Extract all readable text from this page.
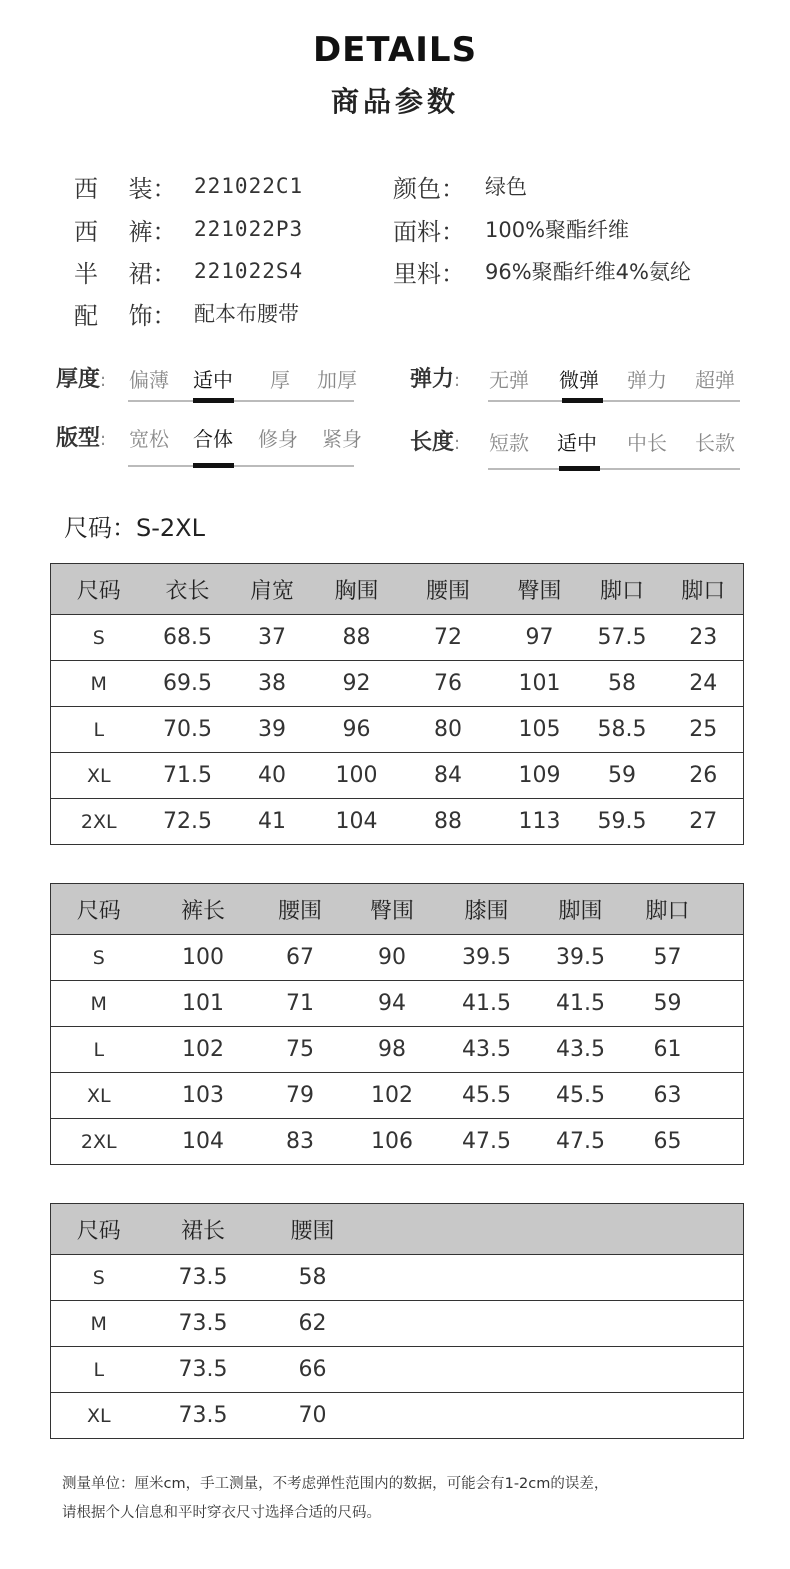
DETAILS
商品参数
西    装： 221022C1
西    裤： 221022P3
半    裙： 221022S4
配    饰： 配本布腰带
颜色： 绿色
面料： 100%聚酯纤维
里料： 96%聚酯纤维4%氨纶
厚度: 偏薄 适中 厚 加厚
版型: 宽松 合体 修身 紧身
弹力: 无弹 微弹 弹力 超弹
长度: 短款 适中 中长 长款
尺码：S-2XL
尺码	衣长	肩宽	胸围	腰围	臀围	脚口	脚口
S	68.5	37	88	72	97	57.5	23
M	69.5	38	92	76	101	58	24
L	70.5	39	96	80	105	58.5	25
XL	71.5	40	100	84	109	59	26
2XL	72.5	41	104	88	113	59.5	27
尺码	裤长	腰围	臀围	膝围	脚围	脚口	
S	100	67	90	39.5	39.5	57	
M	101	71	94	41.5	41.5	59	
L	102	75	98	43.5	43.5	61	
XL	103	79	102	45.5	45.5	63	
2XL	104	83	106	47.5	47.5	65	
尺码	裙长	腰围	
S	73.5	58	
M	73.5	62	
L	73.5	66	
XL	73.5	70	
测量单位：厘米cm，手工测量，不考虑弹性范围内的数据，可能会有1-2cm的误差，
请根据个人信息和平时穿衣尺寸选择合适的尺码。
